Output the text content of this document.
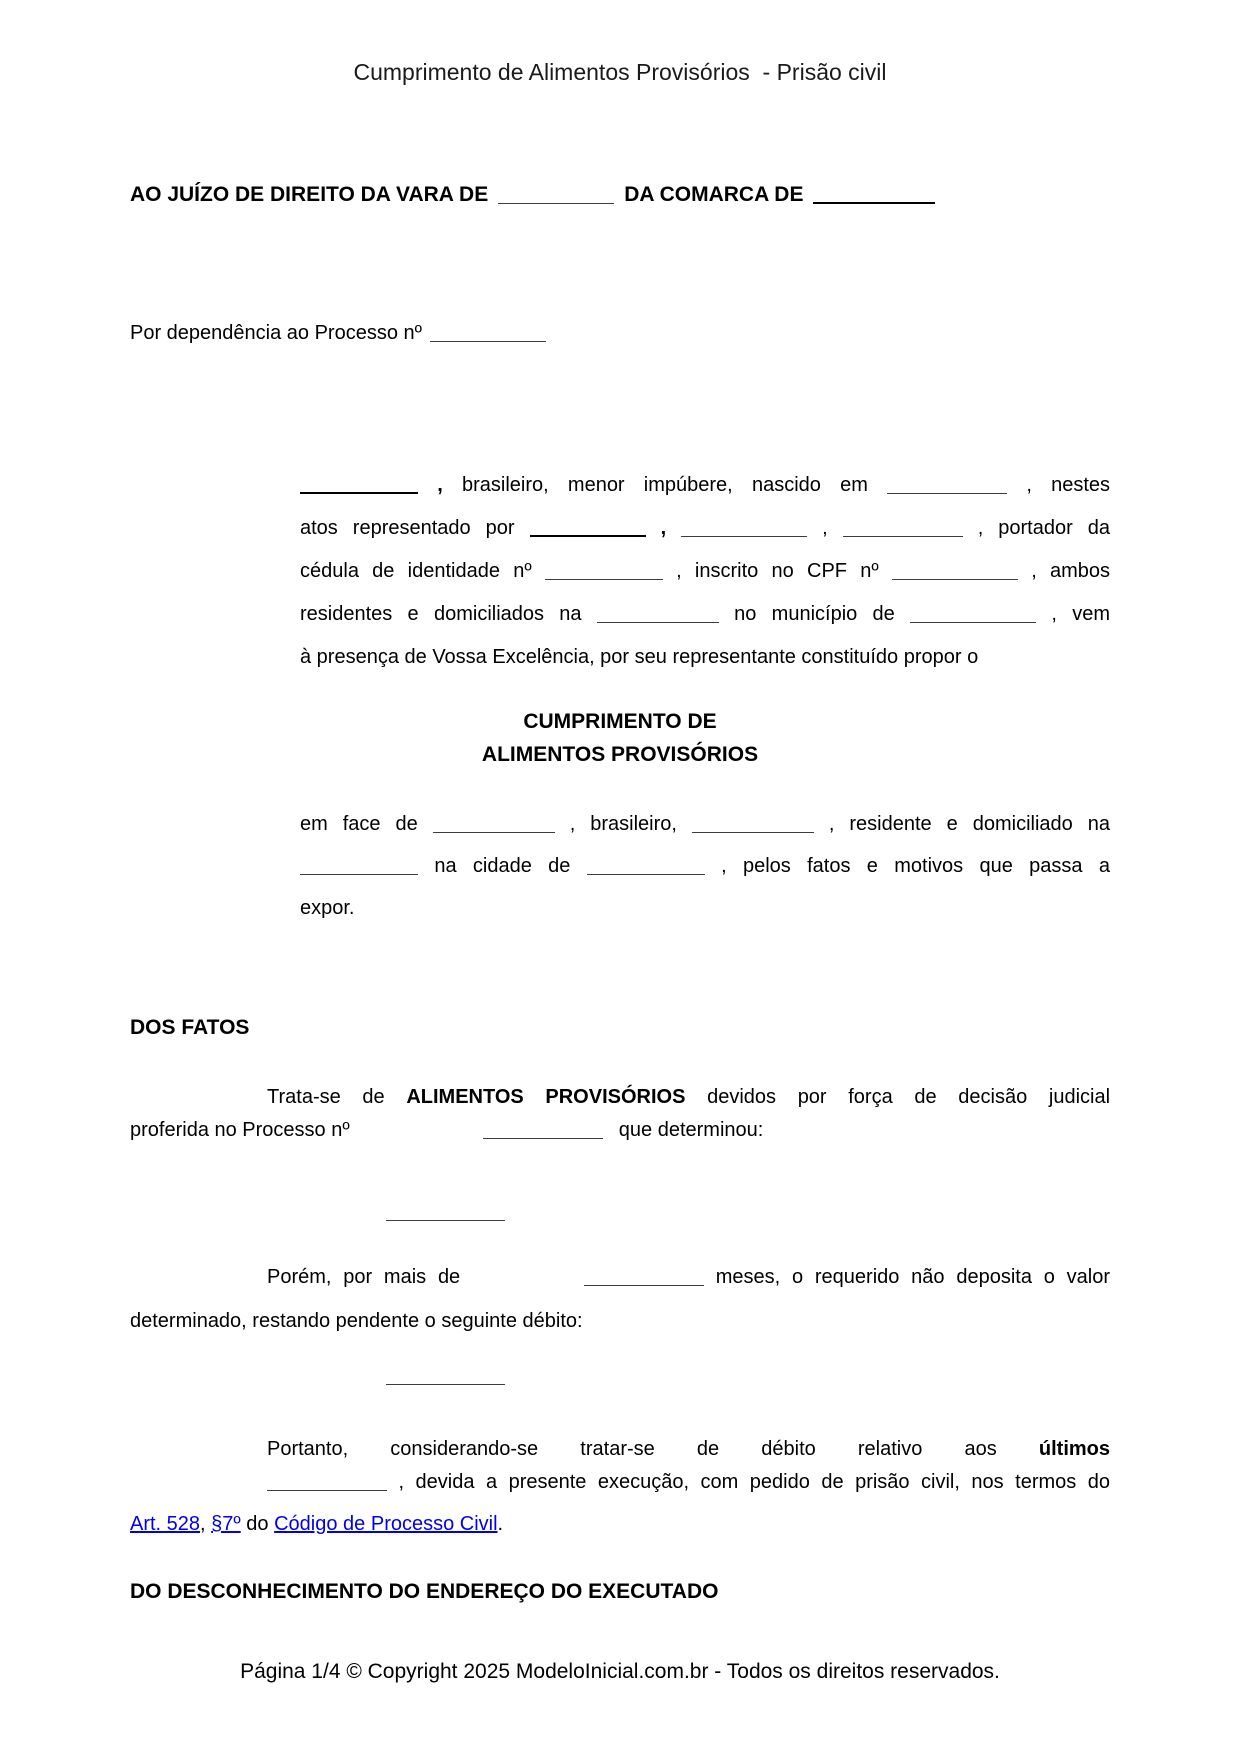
Cumprimento de Alimentos Provisórios  - Prisão civil
AO JUÍZO DE DIREITO DA VARA DE	DA COMARCA DE
Por dependência ao Processo nº
, brasileiro, menor impúbere, nascido em	, nestes
atos representado por	,	,	, portador da
cédula de identidade nº	, inscrito no CPF nº	, ambos
residentes e domiciliados na	no município de	, vem
à presença de Vossa Excelência, por seu representante constituído propor o
CUMPRIMENTO DE
ALIMENTOS PROVISÓRIOS
em face de	, brasileiro,	, residente e domiciliado na
na cidade de	, pelos fatos e motivos que passa a
expor.
DOS FATOS
Trata-se de ALIMENTOS PROVISÓRIOS devidos por força de decisão judicial
proferida no Processo nº	que determinou:
Porém, por mais de	meses, o requerido não deposita o valor
determinado, restando pendente o seguinte débito:
Portanto, considerando-se tratar-se de débito relativo aos últimos
, devida a presente execução, com pedido de prisão civil, nos termos do
Art. 528, §7º do Código de Processo Civil.
DO DESCONHECIMENTO DO ENDEREÇO DO EXECUTADO
Página 1/4 © Copyright 2025 ModeloInicial.com.br - Todos os direitos reservados.
